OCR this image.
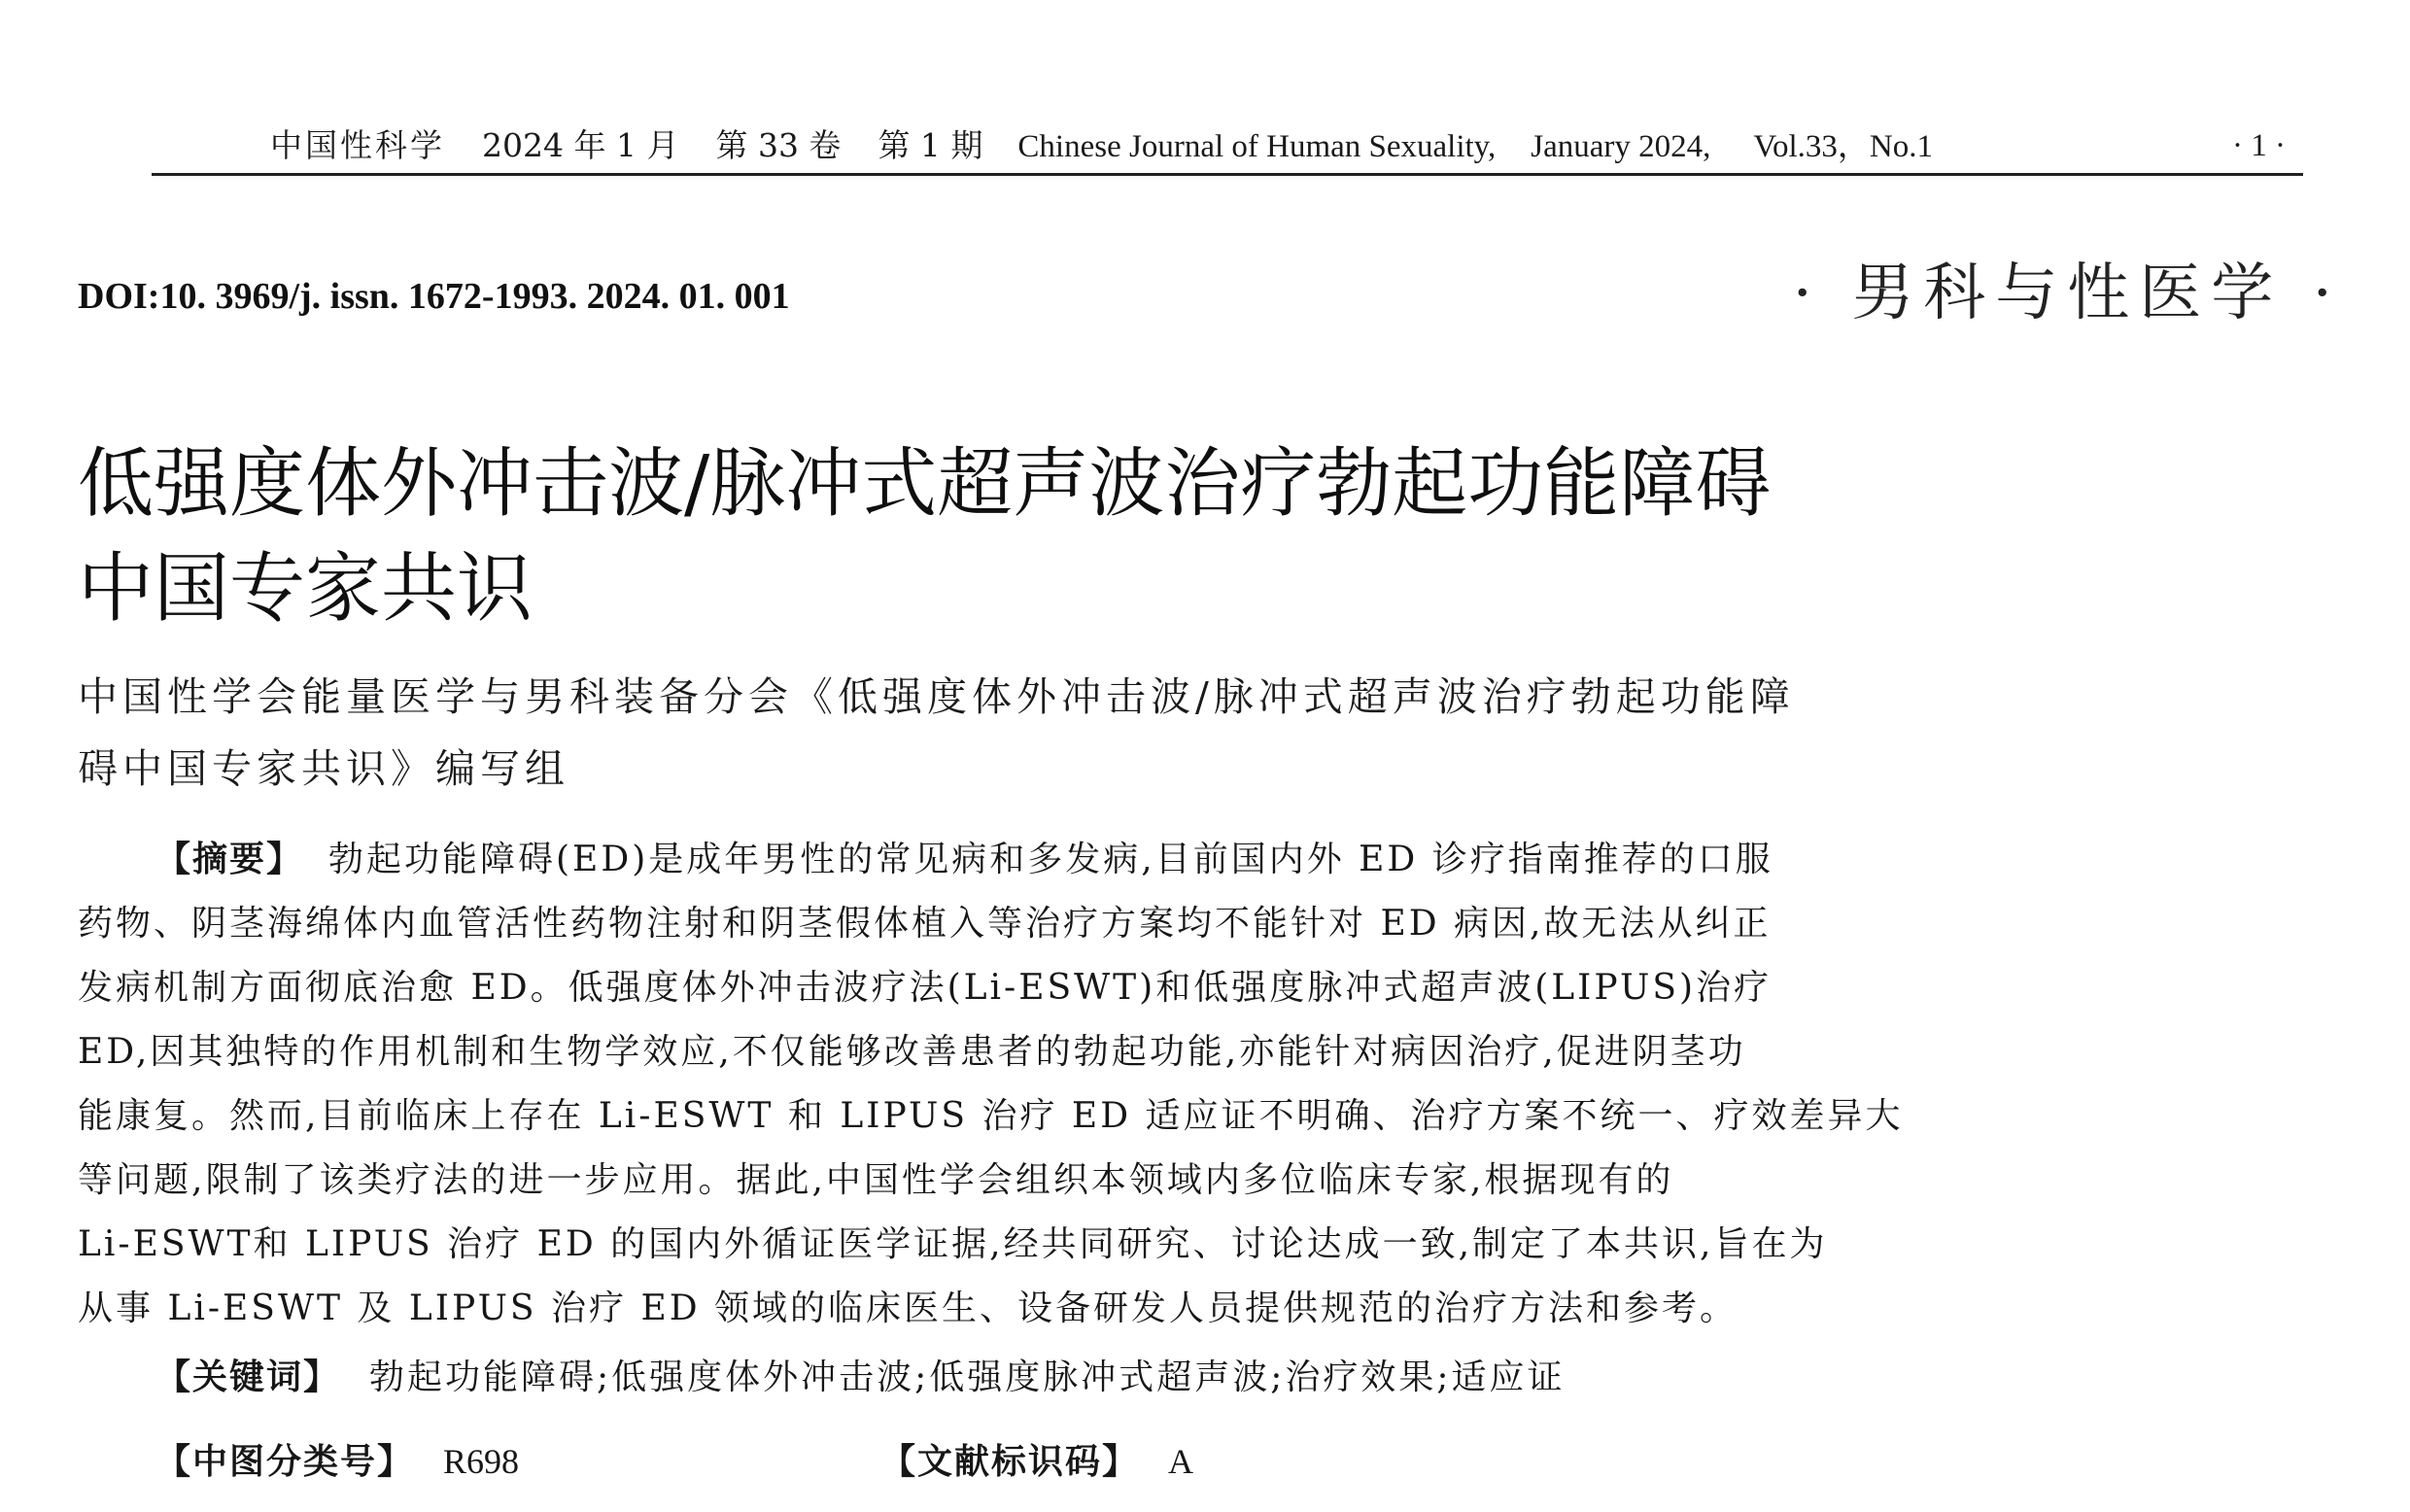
中国性科学 2024 年 1 月 第 33 卷 第 1 期 Chinese Journal of Human Sexuality, January 2024, Vol.33，No.1	· 1 ·
DOI:10. 3969/j. issn. 1672-1993. 2024. 01. 001	· 男科与性医学 ·
低强度体外冲击波/脉冲式超声波治疗勃起功能障碍
中国专家共识
中国性学会能量医学与男科装备分会《低强度体外冲击波/脉冲式超声波治疗勃起功能障
碍中国专家共识》编写组
【摘要】 勃起功能障碍(ED)是成年男性的常见病和多发病,目前国内外 ED 诊疗指南推荐的口服
药物、阴茎海绵体内血管活性药物注射和阴茎假体植入等治疗方案均不能针对 ED 病因,故无法从纠正
发病机制方面彻底治愈 ED。低强度体外冲击波疗法(Li-ESWT)和低强度脉冲式超声波(LIPUS)治疗
ED,因其独特的作用机制和生物学效应,不仅能够改善患者的勃起功能,亦能针对病因治疗,促进阴茎功
能康复。然而,目前临床上存在 Li-ESWT 和 LIPUS 治疗 ED 适应证不明确、治疗方案不统一、疗效差异大
等问题,限制了该类疗法的进一步应用。据此,中国性学会组织本领域内多位临床专家,根据现有的
Li-ESWT和 LIPUS 治疗 ED 的国内外循证医学证据,经共同研究、讨论达成一致,制定了本共识,旨在为
从事 Li-ESWT 及 LIPUS 治疗 ED 领域的临床医生、设备研发人员提供规范的治疗方法和参考。
【关键词】 勃起功能障碍;低强度体外冲击波;低强度脉冲式超声波;治疗效果;适应证
【中图分类号】 R698	【文献标识码】 A
